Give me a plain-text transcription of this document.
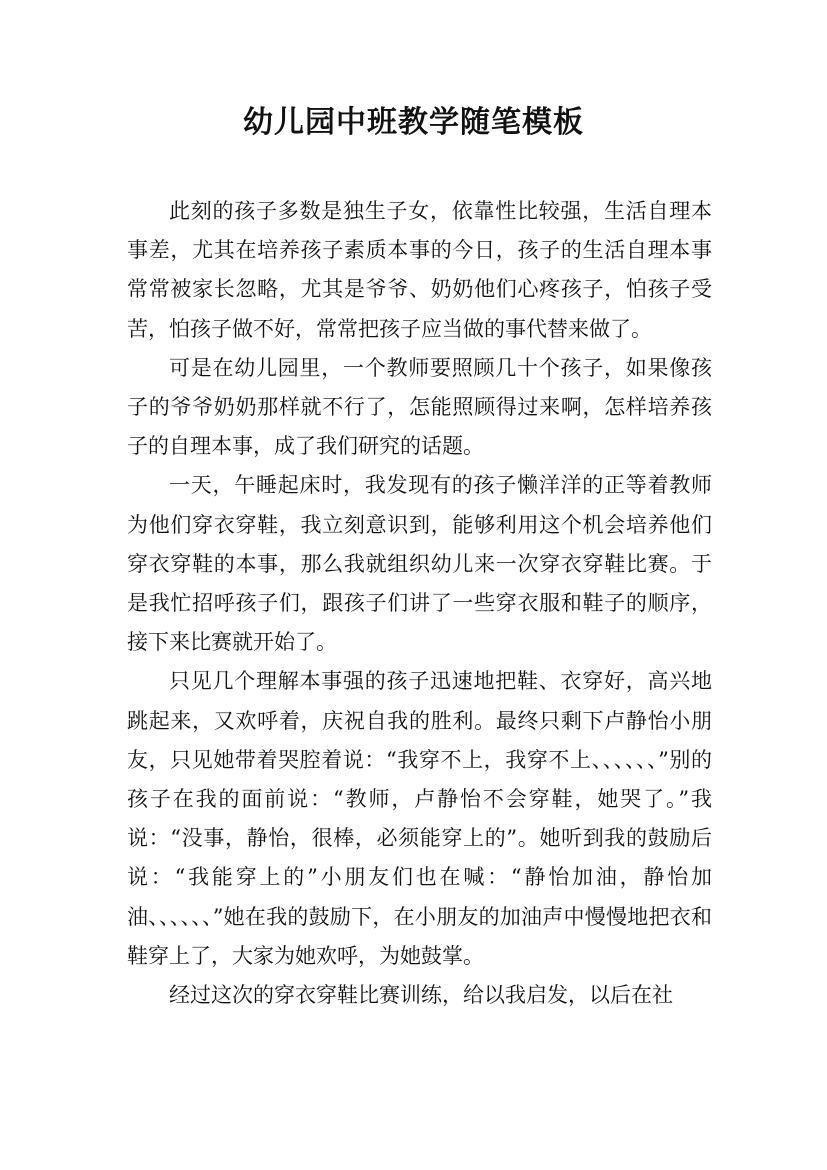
幼儿园中班教学随笔模板

此刻的孩子多数是独生子女，依靠性比较强，生活自理本事差，尤其在培养孩子素质本事的今日，孩子的生活自理本事常常被家长忽略，尤其是爷爷、奶奶他们心疼孩子，怕孩子受苦，怕孩子做不好，常常把孩子应当做的事代替来做了。

可是在幼儿园里，一个教师要照顾几十个孩子，如果像孩子的爷爷奶奶那样就不行了，怎能照顾得过来啊，怎样培养孩子的自理本事，成了我们研究的话题。

一天，午睡起床时，我发现有的孩子懒洋洋的正等着教师为他们穿衣穿鞋，我立刻意识到，能够利用这个机会培养他们穿衣穿鞋的本事，那么我就组织幼儿来一次穿衣穿鞋比赛。于是我忙招呼孩子们，跟孩子们讲了一些穿衣服和鞋子的顺序，接下来比赛就开始了。

只见几个理解本事强的孩子迅速地把鞋、衣穿好，高兴地跳起来，又欢呼着，庆祝自我的胜利。最终只剩下卢静怡小朋友，只见她带着哭腔着说：“我穿不上，我穿不上、、、、、、”别的孩子在我的面前说：“教师，卢静怡不会穿鞋，她哭了。”我说：“没事，静怡，很棒，必须能穿上的”。她听到我的鼓励后说：“我能穿上的”小朋友们也在喊：“静怡加油，静怡加油、、、、、、”她在我的鼓励下，在小朋友的加油声中慢慢地把衣和鞋穿上了，大家为她欢呼，为她鼓掌。

经过这次的穿衣穿鞋比赛训练，给以我启发，以后在社
